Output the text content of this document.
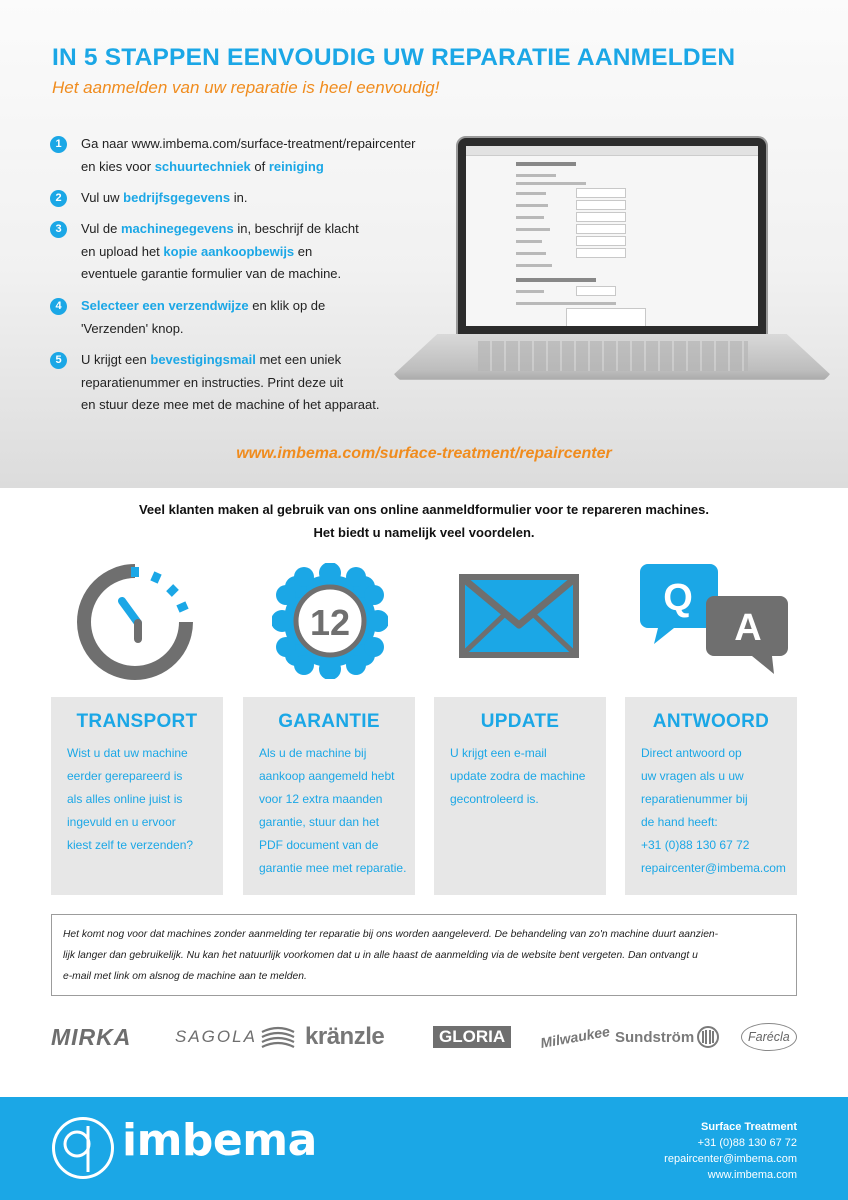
IN 5 STAPPEN EENVOUDIG UW REPARATIE AANMELDEN
Het aanmelden van uw reparatie is heel eenvoudig!
1	Ga naar www.imbema.com/surface-treatment/repaircenter
en kies voor schuurtechniek of reiniging
2	Vul uw bedrijfsgegevens in.
3	Vul de machinegegevens in, beschrijf de klacht
en upload het kopie aankoopbewijs en
eventuele garantie formulier van de machine.
4	Selecteer een verzendwijze en klik op de
'Verzenden' knop.
5	U krijgt een bevestigingsmail met een uniek
reparatienummer en instructies. Print deze uit
en stuur deze mee met de machine of het apparaat.
www.imbema.com/surface-treatment/repaircenter
Veel klanten maken al gebruik van ons online aanmeldformulier voor te repareren machines.
Het biedt u namelijk veel voordelen.
12
Q
A
TRANSPORT

Wist u dat uw machine
eerder gerepareerd is
als alles online juist is
ingevuld en u ervoor
kiest zelf te verzenden?

GARANTIE

Als u de machine bij
aankoop aangemeld hebt
voor 12 extra maanden
garantie, stuur dan het
PDF document van de
garantie mee met reparatie.

UPDATE

U krijgt een e-mail
update zodra de machine
gecontroleerd is.

ANTWOORD

Direct antwoord op
uw vragen als u uw
reparatienummer bij
de hand heeft:
+31 (0)88 130 67 72
repaircenter@imbema.com

Het komt nog voor dat machines zonder aanmelding ter reparatie bij ons worden aangeleverd. De behandeling van zo'n machine duurt aanzien-
lijk langer dan gebruikelijk. Nu kan het natuurlijk voorkomen dat u in alle haast de aanmelding via de website bent vergeten. Dan ontvangt u
e-mail met link om alsnog de machine aan te melden.
MIRKA	SAGOLA kränzle	GLORIA	Milwaukee Sundström	Farécla
imbema	Surface Treatment
+31 (0)88 130 67 72
repaircenter@imbema.com
www.imbema.com
